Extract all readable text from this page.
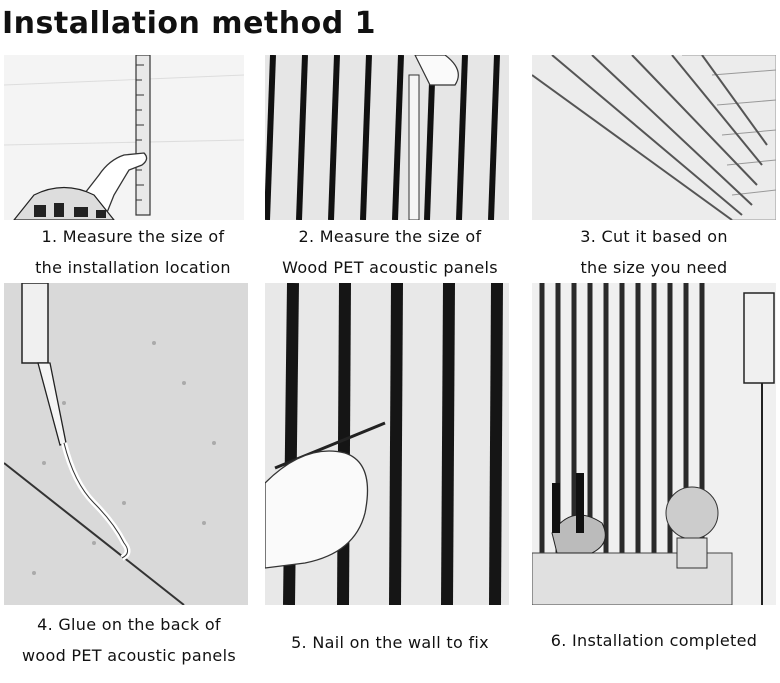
Installation method 1
1. Measure the size of
the installation location
2. Measure the size of
Wood PET acoustic panels
3. Cut it based on
the size you need
4. Glue on the back of
wood PET acoustic panels
5. Nail on the wall to fix	6. Installation completed
